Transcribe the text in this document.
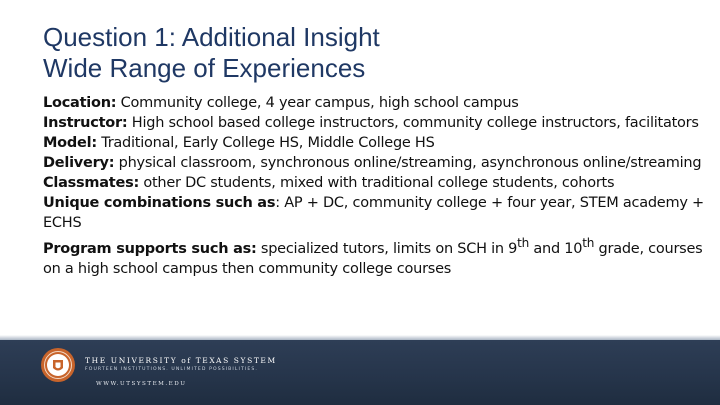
Question 1: Additional Insight
Wide Range of Experiences

Location: Community college, 4 year campus, high school campus

Instructor: High school based college instructors, community college instructors, facilitators

Model: Traditional, Early College HS, Middle College HS

Delivery: physical classroom, synchronous online/streaming, asynchronous online/streaming

Classmates: other DC students, mixed with traditional college students, cohorts

Unique combinations such as: AP + DC, community college + four year, STEM academy + ECHS

Program supports such as: specialized tutors, limits on SCH in 9th and 10th grade, courses on a high school campus then community college courses

THE UNIVERSITY of TEXAS SYSTEM
FOURTEEN INSTITUTIONS. UNLIMITED POSSIBILITIES.
WWW.UTSYSTEM.EDU
